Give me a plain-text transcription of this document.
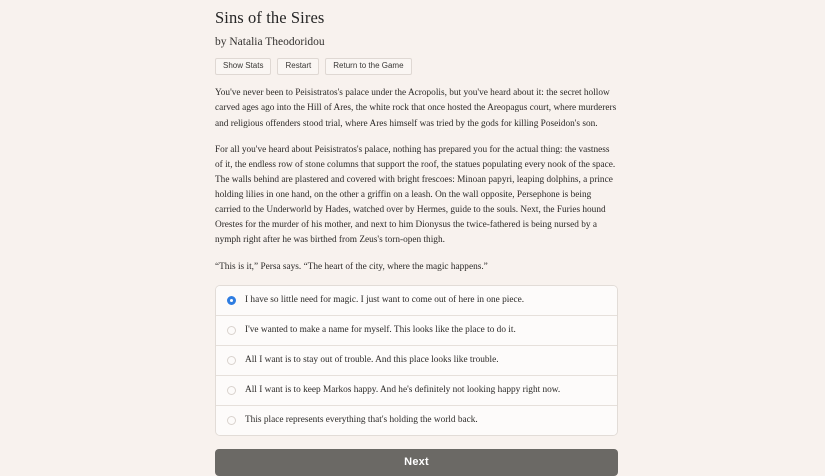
Sins of the Sires
by Natalia Theodoridou
Show Stats	Restart	Return to the Game

You've never been to Peisistratos's palace under the Acropolis, but you've heard about it: the secret hollow carved ages ago into the Hill of Ares, the white rock that once hosted the Areopagus court, where murderers and religious offenders stood trial, where Ares himself was tried by the gods for killing Poseidon's son.

For all you've heard about Peisistratos's palace, nothing has prepared you for the actual thing: the vastness of it, the endless row of stone columns that support the roof, the statues populating every nook of the space. The walls behind are plastered and covered with bright frescoes: Minoan papyri, leaping dolphins, a prince holding lilies in one hand, on the other a griffin on a leash. On the wall opposite, Persephone is being carried to the Underworld by Hades, watched over by Hermes, guide to the souls. Next, the Furies hound Orestes for the murder of his mother, and next to him Dionysus the twice-fathered is being nursed by a nymph right after he was birthed from Zeus's torn-open thigh.

“This is it,” Persa says. “The heart of the city, where the magic happens.”

I have so little need for magic. I just want to come out of here in one piece.
I've wanted to make a name for myself. This looks like the place to do it.
All I want is to stay out of trouble. And this place looks like trouble.
All I want is to keep Markos happy. And he's definitely not looking happy right now.
This place represents everything that's holding the world back.
Next
